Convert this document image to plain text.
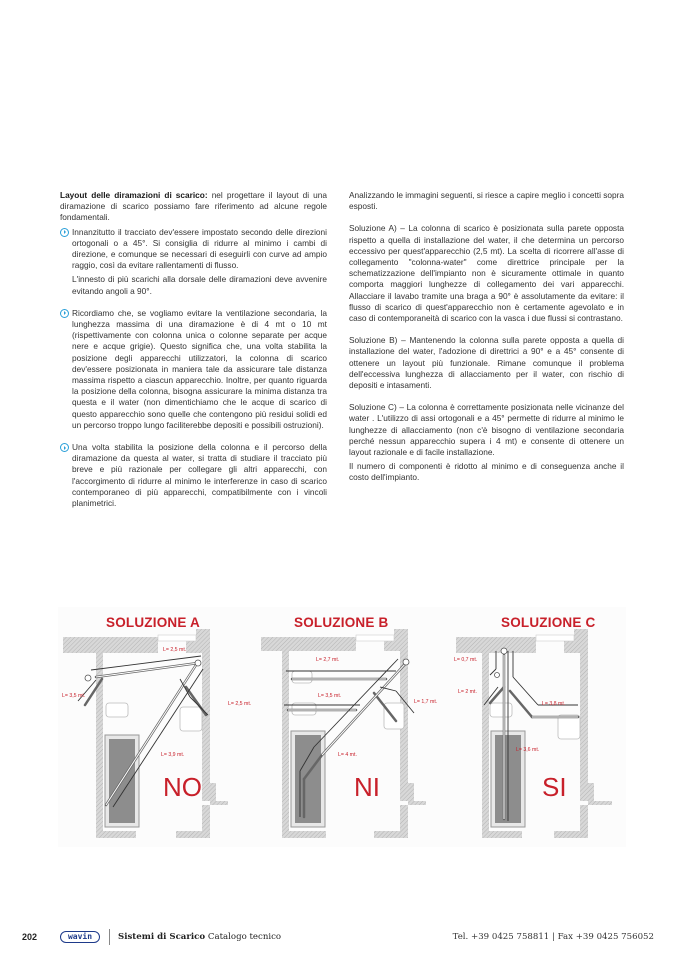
Layout delle diramazioni di scarico: nel progettare il layout di una diramazione di scarico possiamo fare riferimento ad alcune regole fondamentali.

Innanzitutto il tracciato dev'essere impostato secondo delle direzioni ortogonali o a 45°. Si consiglia di ridurre al minimo i cambi di direzione, e comunque se necessari di eseguirli con curve ad ampio raggio, così da evitare rallentamenti di flusso.

L'innesto di più scarichi alla dorsale delle diramazioni deve avvenire evitando angoli a 90°.

Ricordiamo che, se vogliamo evitare la ventilazione secondaria, la lunghezza massima di una diramazione è di 4 mt o 10 mt (rispettivamente con colonna unica o colonne separate per acque nere e acque grigie). Questo significa che, una volta stabilita la posizione degli apparecchi utilizzatori, la colonna di scarico dev'essere posizionata in maniera tale da assicurare tale distanza massima rispetto a ciascun apparecchio. Inoltre, per quanto riguarda la posizione della colonna, bisogna assicurare la minima distanza tra questa e il water (non dimentichiamo che le acque di scarico di questo apparecchio sono quelle che contengono più residui solidi ed un percorso troppo lungo faciliterebbe depositi e possibili ostruzioni).

Una volta stabilita la posizione della colonna e il percorso della diramazione da questa al water, si tratta di studiare il tracciato più breve e più razionale per collegare gli altri apparecchi, con l'accorgimento di ridurre al minimo le interferenze in caso di scarico contemporaneo di più apparecchi, compatibilmente con i vincoli planimetrici.

Analizzando le immagini seguenti, si riesce a capire meglio i concetti sopra esposti.

Soluzione A) – La colonna di scarico è posizionata sulla parete opposta rispetto a quella di installazione del water, il che determina un percorso eccessivo per quest'apparecchio (2,5 mt). La scelta di ricorrere all'asse di collegamento "colonna-water" come direttrice principale per la schematizzazione dell'impianto non è sicuramente ottimale in quanto comporta maggiori lunghezze di collegamento dei vari apparecchi. Allacciare il lavabo tramite una braga a 90° è assolutamente da evitare: il flusso di scarico di quest'apparecchio non è certamente agevolato e in caso di contemporaneità di scarico con la vasca i due flussi si contrastano.

Soluzione B) – Mantenendo la colonna sulla parete opposta a quella di installazione del water, l'adozione di direttrici a 90° e a 45° consente di ottenere un layout più funzionale. Rimane comunque il problema dell'eccessiva lunghezza di allacciamento per il water, con rischio di depositi e intasamenti.

Soluzione C) – La colonna è correttamente posizionata nelle vicinanze del water . L'utilizzo di assi ortogonali e a 45° permette di ridurre al minimo le lunghezze di allacciamento (non c'è bisogno di ventilazione secondaria perché nessun apparecchio supera i 4 mt) e consente di ottenere un layout razionale e di facile installazione.

Il numero di componenti è ridotto al minimo e di conseguenza anche il costo dell'impianto.

SOLUZIONE A
L= 2,5 mt.
L= 3,5 mt.
L= 2,5 mt.
L= 3,9 mt.
NO
SOLUZIONE B
L= 2,7 mt.
L= 3,5 mt.
L= 1,7 mt.
L= 4 mt.
NI
SOLUZIONE C
L= 0,7 mt.
L= 2 mt.
L= 3,8 mt.
L= 3,6 mt.
SI
202	wavin	Sistemi di Scarico Catalogo tecnico	Tel. +39 0425 758811 | Fax +39 0425 756052
